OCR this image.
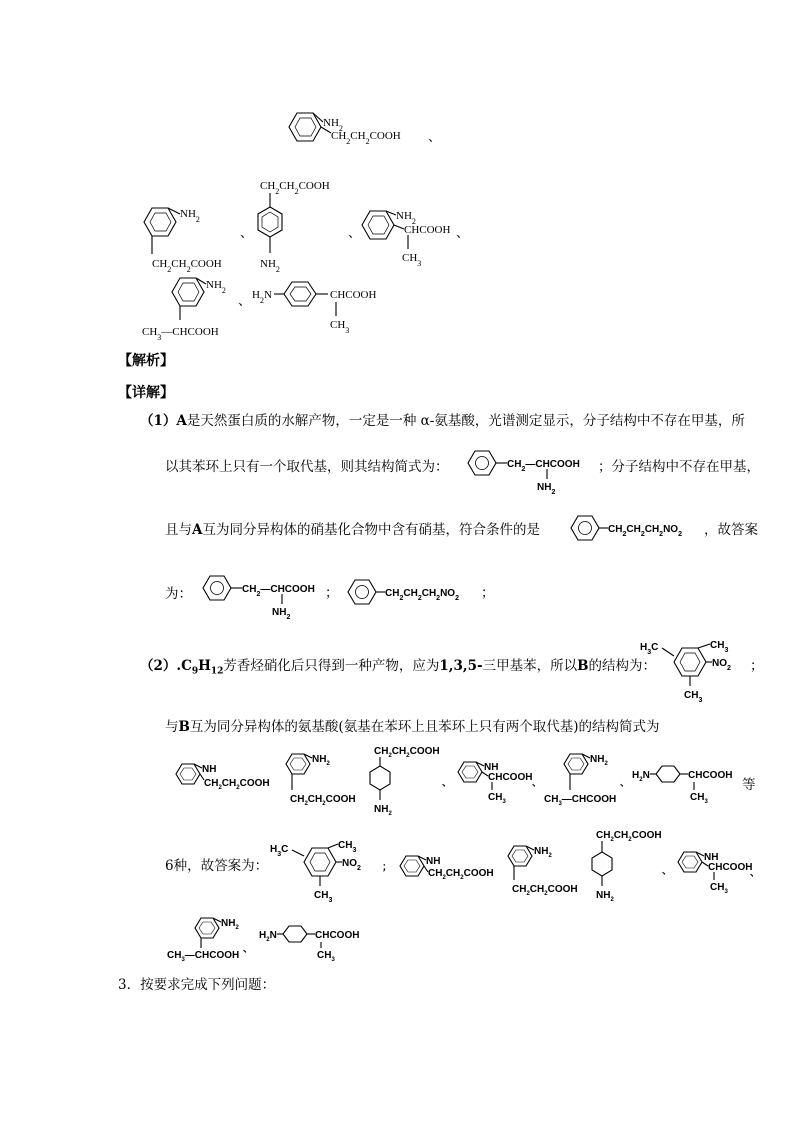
$NH_2$
$CH_2CH_2COOH$ 、
$NH_2$
$CH_2CH_2COOH$
、
$CH_2CH_2COOH$
$NH_2$
、
$NH_2$
CHCOOH
$CH_3$
、
$NH_2$
$CH_3—CHCOOH$
、 $H_2N$	CHCOOH
$CH_3$
【解析】
【详解】
（1）A是天然蛋白质的水解产物，一定是一种 α-氨基酸，光谱测定显示，分子结构中不存在甲基，所
以其苯环上只有一个取代基，则其结构简式为：	$CH_2—CHCOOH$
$NH_2$
；分子结构中不存在甲基，
且与A互为同分异构体的硝基化合物中含有硝基，符合条件的是	$CH_2CH_2CH_2NO_2$ ，故答案
为：	$CH_2—CHCOOH$
$NH_2$
；	$CH_2CH_2CH_2NO_2$ ；
$(2).C_9H_{12}$芳香烃硝化后只得到一种产物，应为1,3,5-三甲基苯，所以B的结构为：
$H_3C$	$CH_3$
$NO_2$
$CH_3$
；
与B互为同分异构体的氨基酸(氨基在苯环上且苯环上只有两个取代基)的结构简式为
NH
$CH_2CH_2COOH$
$NH_2$
$CH_2CH_2COOH$
$CH_2CH_2COOH$
$NH_2$
、
NH
CHCOOH
$CH_3$
、
$NH_2$
$CH_3—CHCOOH$
、
$H_2N$	CHCOOH
$CH_3$
等
6种，故答案为：
$H_3C$	$CH_3$
$NO_2$
$CH_3$
；
NH
$CH_2CH_2COOH$
$NH_2$
$CH_2CH_2COOH$
$CH_2CH_2COOH$
$NH_2$
、
NH
CHCOOH
$CH_3$
、
$NH_2$
$CH_3—CHCOOH$
、
$H_2N$	CHCOOH
$CH_3$
3．按要求完成下列问题：
